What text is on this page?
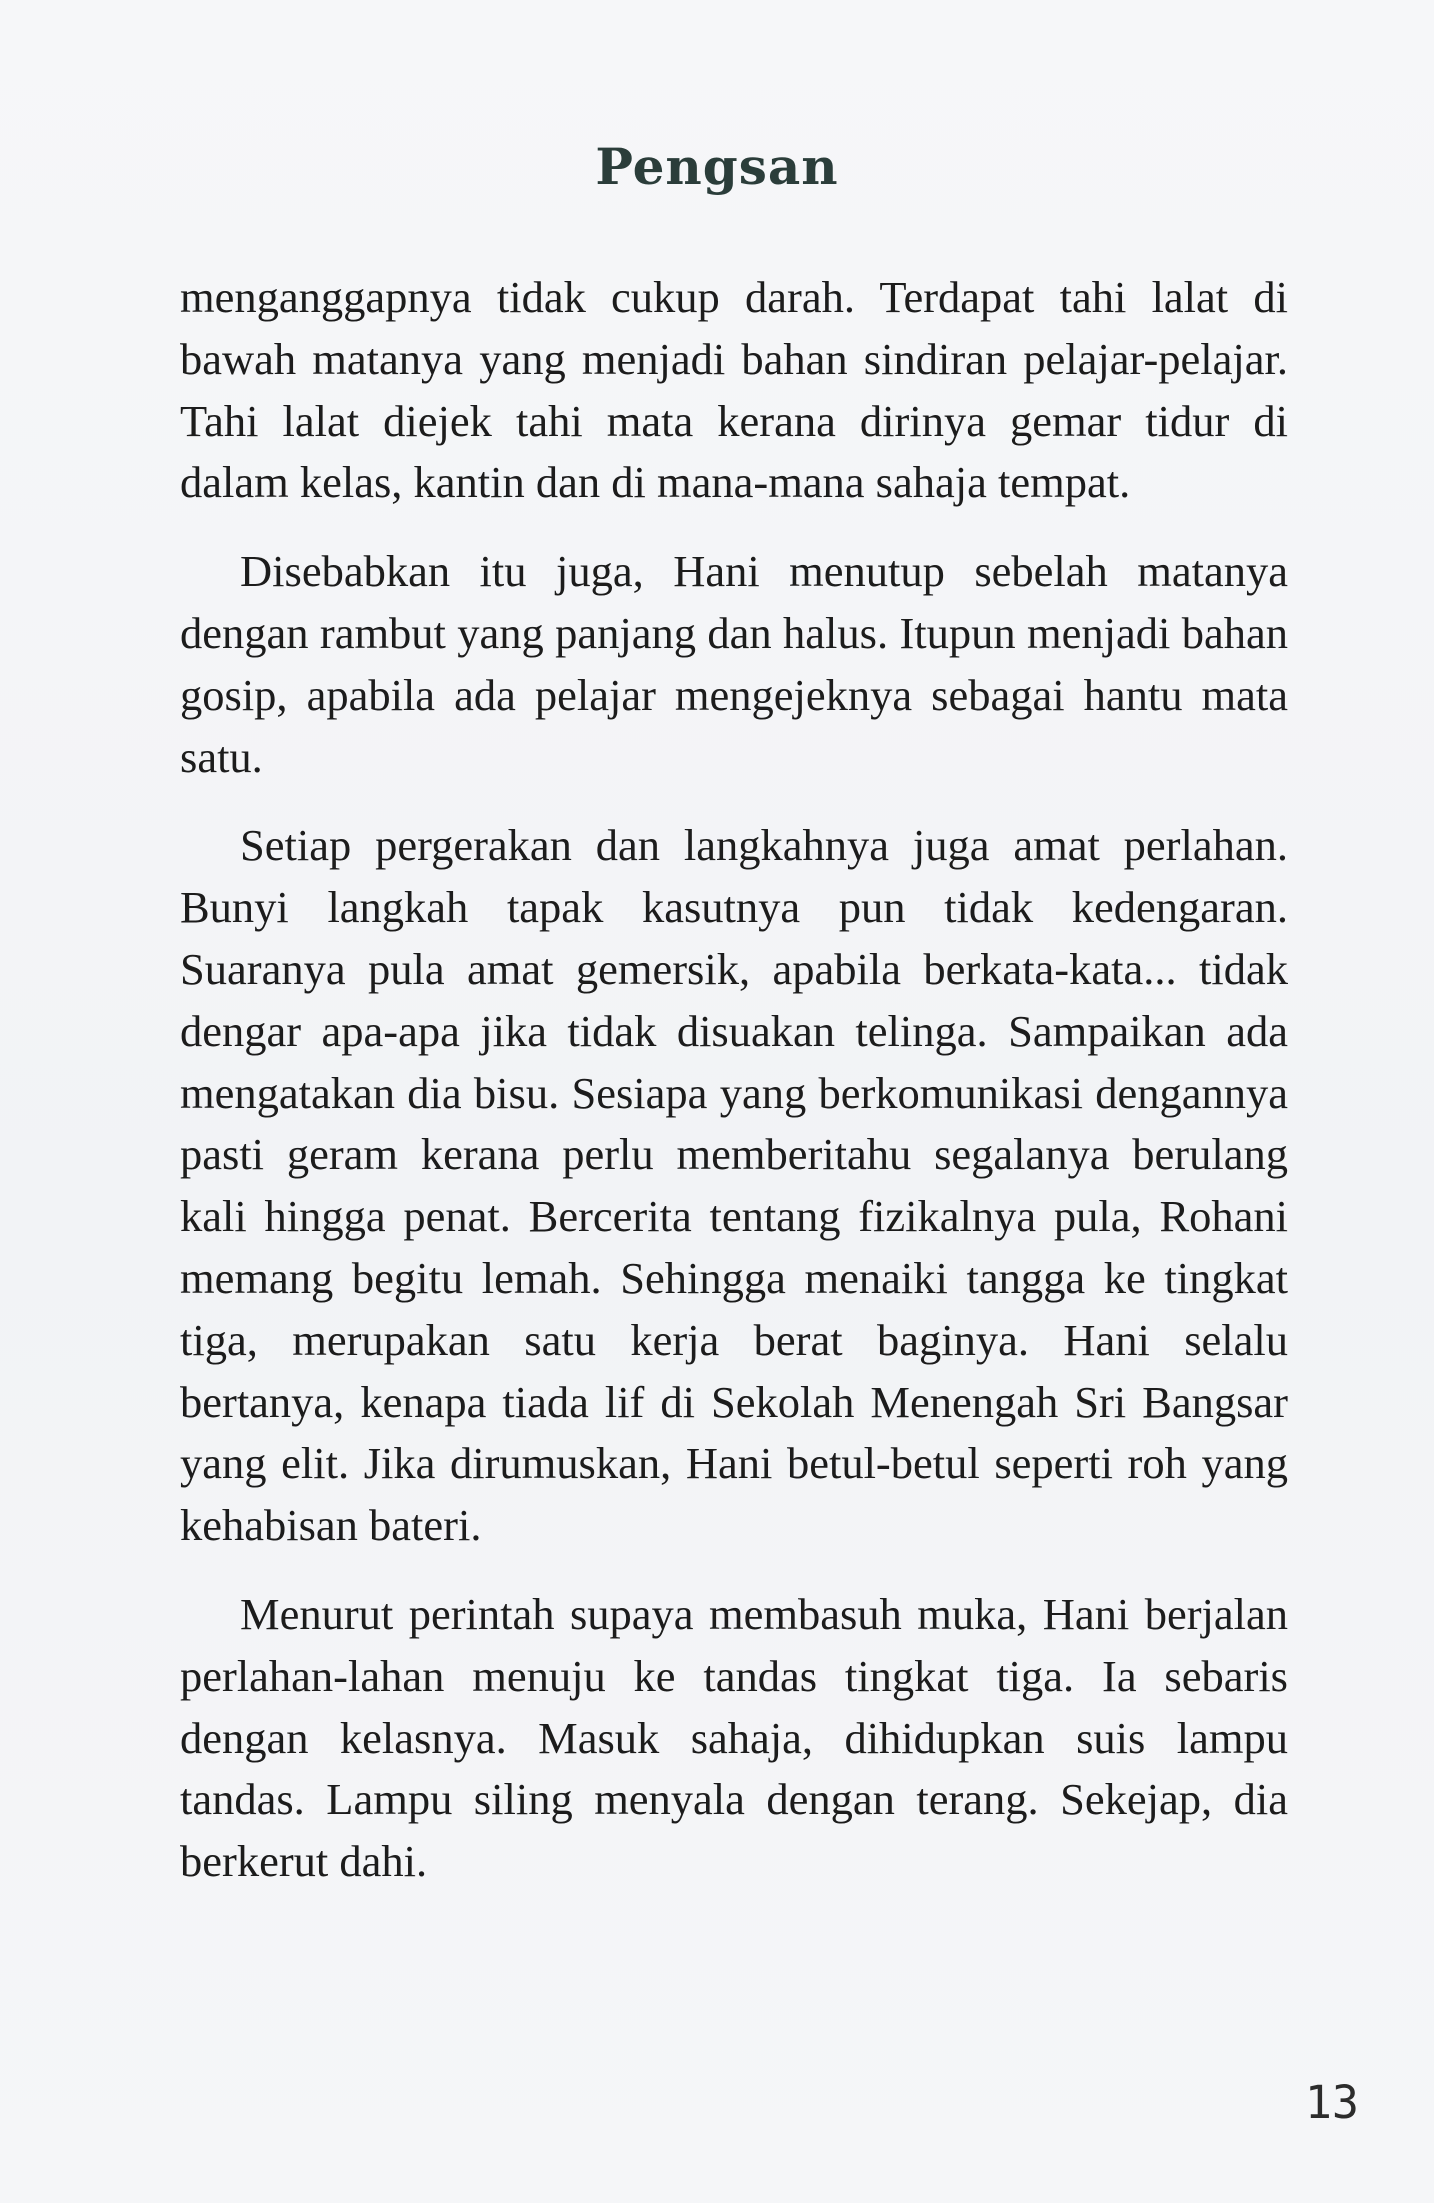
Pengsan

menganggapnya tidak cukup darah. Terdapat tahi lalat di bawah matanya yang menjadi bahan sindiran pelajar-pelajar. Tahi lalat diejek tahi mata kerana dirinya gemar tidur di dalam kelas, kantin dan di mana-mana sahaja tempat.

Disebabkan itu juga, Hani menutup sebelah matanya dengan rambut yang panjang dan halus. Itupun menjadi bahan gosip, apabila ada pelajar mengejeknya sebagai hantu mata satu.

Setiap pergerakan dan langkahnya juga amat perlahan. Bunyi langkah tapak kasutnya pun tidak kedengaran. Suaranya pula amat gemersik, apabila berkata-kata... tidak dengar apa-apa jika tidak disuakan telinga. Sampaikan ada mengatakan dia bisu. Sesiapa yang berkomunikasi dengannya pasti geram kerana perlu memberitahu segalanya berulang kali hingga penat. Bercerita tentang fizikalnya pula, Rohani memang begitu lemah. Sehingga menaiki tangga ke tingkat tiga, merupakan satu kerja berat baginya. Hani selalu bertanya, kenapa tiada lif di Sekolah Menengah Sri Bangsar yang elit. Jika dirumuskan, Hani betul-betul seperti roh yang kehabisan bateri.

Menurut perintah supaya membasuh muka, Hani berjalan perlahan-lahan menuju ke tandas tingkat tiga. Ia sebaris dengan kelasnya. Masuk sahaja, dihidupkan suis lampu tandas. Lampu siling menyala dengan terang. Sekejap, dia berkerut dahi.

13
